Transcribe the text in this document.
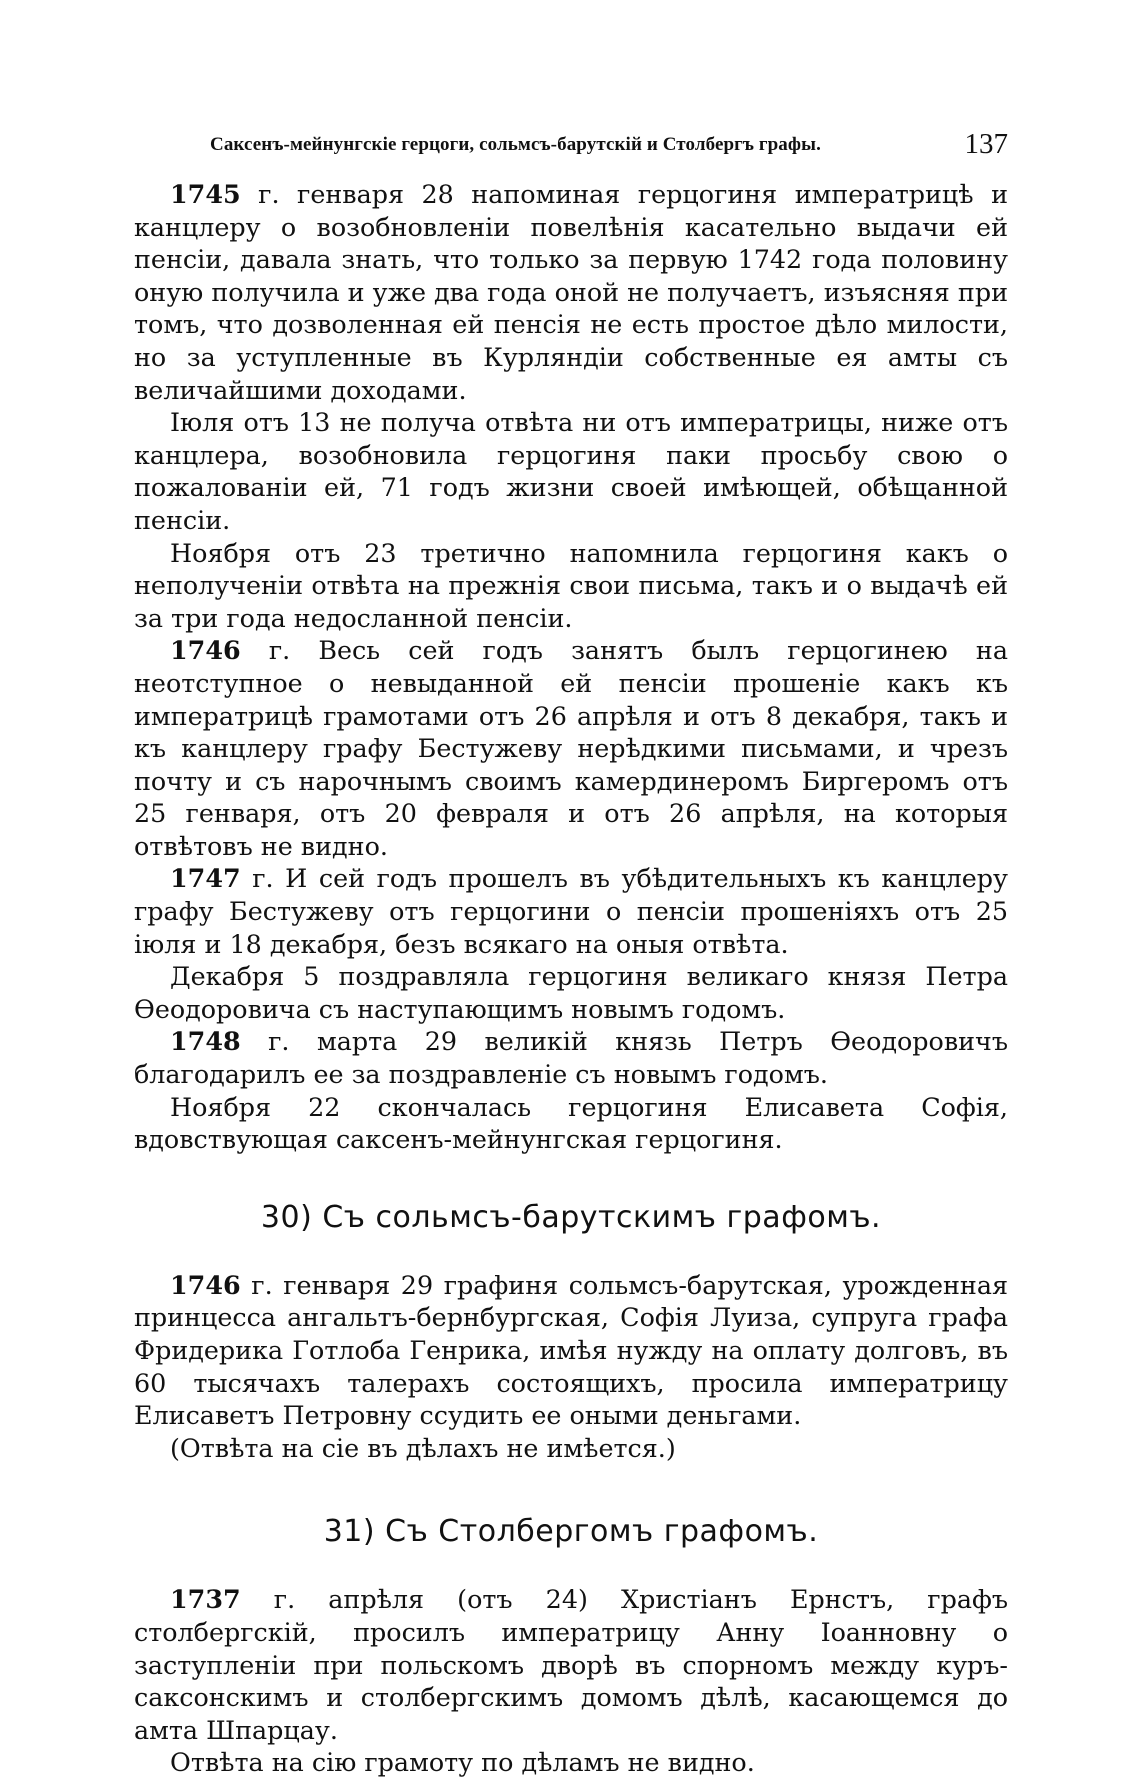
Саксенъ-мейнунгскіе герцоги, сольмсъ-барутскій и Столбергъ графы.	137

1745 г. генваря 28 напоминая герцогиня императрицѣ и канцлеру о возобновленіи повелѣнія касательно выдачи ей пенсіи, давала знать, что только за первую 1742 года половину оную получила и уже два года оной не получаетъ, изъясняя при томъ, что дозволенная ей пенсія не есть простое дѣло милости, но за уступленные въ Курляндіи собственные ея амты съ величайшими доходами.

Іюля отъ 13 не получа отвѣта ни отъ императрицы, ниже отъ канцлера, возобновила герцогиня паки просьбу свою о пожалованіи ей, 71 годъ жизни своей имѣющей, обѣщанной пенсіи.

Ноября отъ 23 третично напомнила герцогиня какъ о неполученіи отвѣта на прежнія свои письма, такъ и о выдачѣ ей за три года недосланной пенсіи.

1746 г. Весь сей годъ занятъ былъ герцогинею на неотступное о невыданной ей пенсіи прошеніе какъ къ императрицѣ грамотами отъ 26 апрѣля и отъ 8 декабря, такъ и къ канцлеру графу Бестужеву нерѣдкими письмами, и чрезъ почту и съ нарочнымъ своимъ камердинеромъ Биргеромъ отъ 25 генваря, отъ 20 февраля и отъ 26 апрѣля, на которыя отвѣтовъ не видно.

1747 г. И сей годъ прошелъ въ убѣдительныхъ къ канцлеру графу Бестужеву отъ герцогини о пенсіи прошеніяхъ отъ 25 іюля и 18 декабря, безъ всякаго на оныя отвѣта.

Декабря 5 поздравляла герцогиня великаго князя Петра Ѳеодоровича съ наступающимъ новымъ годомъ.

1748 г. марта 29 великій князь Петръ Ѳеодоровичъ благодарилъ ее за поздравленіе съ новымъ годомъ.

Ноября 22 скончалась герцогиня Елисавета Софія, вдовствующая саксенъ-мейнунгская герцогиня.

30) Съ сольмсъ-барутскимъ графомъ.

1746 г. генваря 29 графиня сольмсъ-барутская, урожденная принцесса ангальтъ-бернбургская, Софія Луиза, супруга графа Фридерика Готлоба Генрика, имѣя нужду на оплату долговъ, въ 60 тысячахъ талерахъ состоящихъ, просила императрицу Елисаветъ Петровну ссудить ее оными деньгами.

(Отвѣта на сіе въ дѣлахъ не имѣется.)

31) Съ Столбергомъ графомъ.

1737 г. апрѣля (отъ 24) Христіанъ Ернстъ, графъ столбергскій, просилъ императрицу Анну Іоанновну о заступленіи при польскомъ дворѣ въ спорномъ между куръ-саксонскимъ и столбергскимъ домомъ дѣлѣ, касающемся до амта Шпарцау.

Отвѣта на сію грамоту по дѣламъ не видно.
